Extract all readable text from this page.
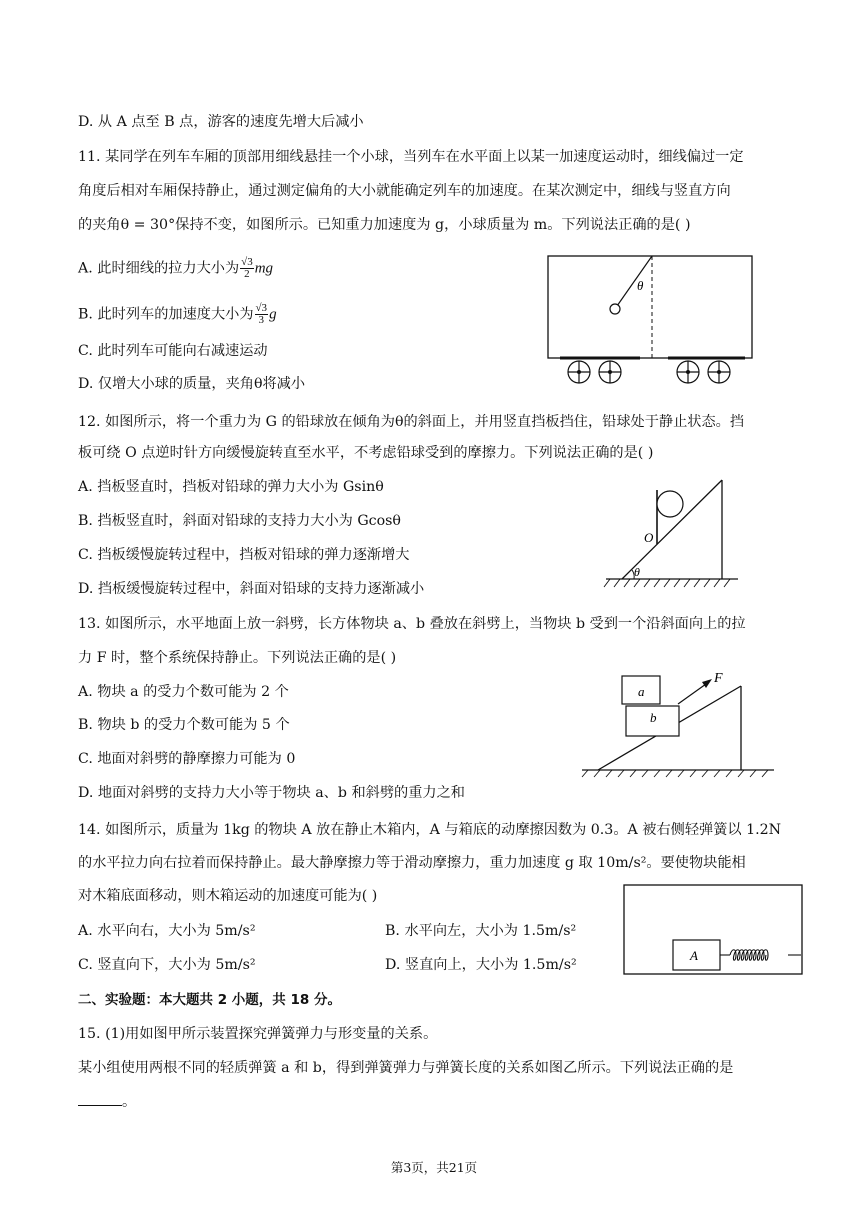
D. 从 A 点至 B 点，游客的速度先增大后减小
11. 某同学在列车车厢的顶部用细线悬挂一个小球，当列车在水平面上以某一加速度运动时，细线偏过一定
角度后相对车厢保持静止，通过测定偏角的大小就能确定列车的加速度。在某次测定中，细线与竖直方向
的夹角θ = 30°保持不变，如图所示。已知重力加速度为 g，小球质量为 m。下列说法正确的是( )
A. 此时细线的拉力大小为 $\frac{√3}{2}$ mg
B. 此时列车的加速度大小为 $\frac{√3}{3}$ g
C. 此时列车可能向右减速运动
D. 仅增大小球的质量，夹角θ将减小
θ
12. 如图所示，将一个重力为 G 的铅球放在倾角为θ的斜面上，并用竖直挡板挡住，铅球处于静止状态。挡
板可绕 O 点逆时针方向缓慢旋转直至水平，不考虑铅球受到的摩擦力。下列说法正确的是( )
A. 挡板竖直时，挡板对铅球的弹力大小为 Gsinθ
B. 挡板竖直时，斜面对铅球的支持力大小为 Gcosθ
C. 挡板缓慢旋转过程中，挡板对铅球的弹力逐渐增大
D. 挡板缓慢旋转过程中，斜面对铅球的支持力逐渐减小
O
θ
13. 如图所示，水平地面上放一斜劈，长方体物块 a、b 叠放在斜劈上，当物块 b 受到一个沿斜面向上的拉
力 F 时，整个系统保持静止。下列说法正确的是( )
A. 物块 a 的受力个数可能为 2 个
B. 物块 b 的受力个数可能为 5 个
C. 地面对斜劈的静摩擦力可能为 0
D. 地面对斜劈的支持力大小等于物块 a、b 和斜劈的重力之和
a
b
F
14. 如图所示，质量为 1kg 的物块 A 放在静止木箱内，A 与箱底的动摩擦因数为 0.3。A 被右侧轻弹簧以 1.2N
的水平拉力向右拉着而保持静止。最大静摩擦力等于滑动摩擦力，重力加速度 g 取 10m/s²。要使物块能相
对木箱底面移动，则木箱运动的加速度可能为( )
A. 水平向右，大小为 5m/s²	B. 水平向左，大小为 1.5m/s²
C. 竖直向下，大小为 5m/s²	D. 竖直向上，大小为 1.5m/s²
A
二、实验题：本大题共 2 小题，共 18 分。
15. (1)用如图甲所示装置探究弹簧弹力与形变量的关系。
某小组使用两根不同的轻质弹簧 a 和 b，得到弹簧弹力与弹簧长度的关系如图乙所示。下列说法正确的是
。
第3页，共21页
